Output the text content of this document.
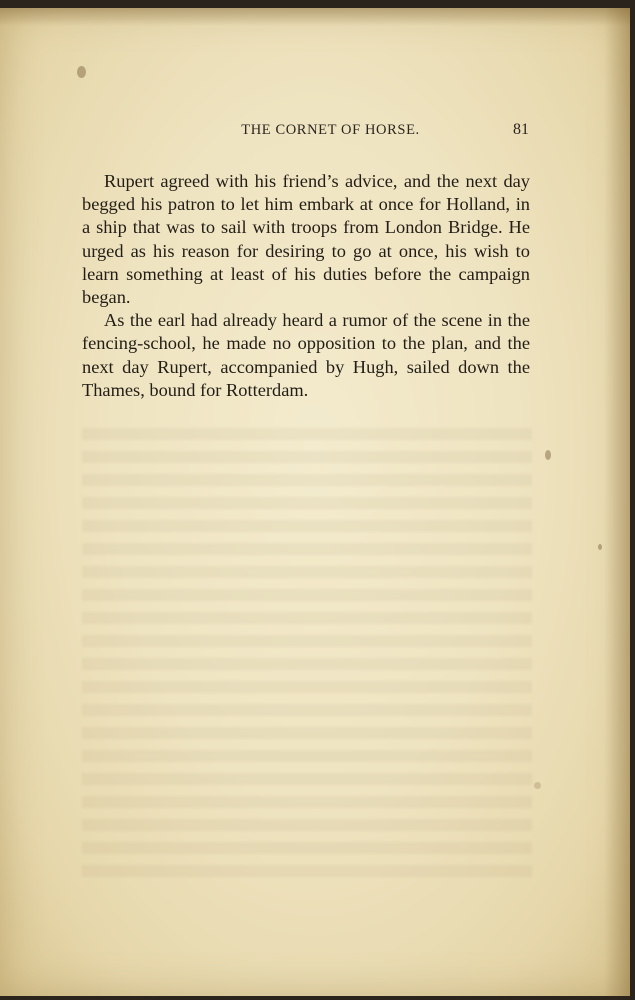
THE CORNET OF HORSE.	81

Rupert agreed with his friend’s advice, and the next day begged his patron to let him embark at once for Holland, in a ship that was to sail with troops from London Bridge. He urged as his reason for desiring to go at once, his wish to learn something at least of his duties before the campaign began.

As the earl had already heard a rumor of the scene in the fencing-school, he made no opposition to the plan, and the next day Rupert, accompanied by Hugh, sailed down the Thames, bound for Rotterdam.
